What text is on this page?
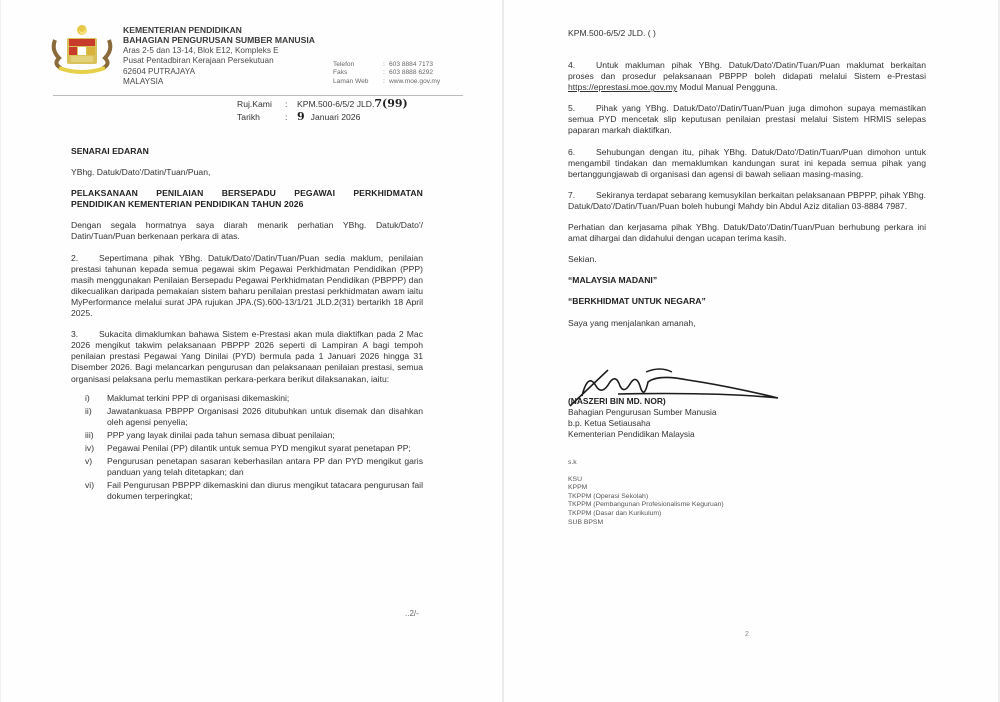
KEMENTERIAN PENDIDIKAN
BAHAGIAN PENGURUSAN SUMBER MANUSIA
Aras 2-5 dan 13-14, Blok E12, Kompleks E
Pusat Pentadbiran Kerajaan Persekutuan
62604 PUTRAJAYA
MALAYSIA
Telefon	: 603 8884 7173
Faks	: 603 8888 6292
Laman Web	: www.moe.gov.my
Ruj.Kami	:	KPM.500-6/5/2 JLD. 7(99)
Tarikh	: 9 Januari 2026

SENARAI EDARAN

YBhg. Datuk/Dato'/Datin/Tuan/Puan,

PELAKSANAAN PENILAIAN BERSEPADU PEGAWAI PERKHIDMATAN
PENDIDIKAN KEMENTERIAN PENDIDIKAN TAHUN 2026

Dengan segala hormatnya saya diarah menarik perhatian YBhg. Datuk/Dato'/ Datin/Tuan/Puan berkenaan perkara di atas.

2. Sepertimana pihak YBhg. Datuk/Dato'/Datin/Tuan/Puan sedia maklum, penilaian prestasi tahunan kepada semua pegawai skim Pegawai Perkhidmatan Pendidikan (PPP) masih menggunakan Penilaian Bersepadu Pegawai Perkhidmatan Pendidikan (PBPPP) dan dikecualikan daripada pemakaian sistem baharu penilaian prestasi perkhidmatan awam iaitu MyPerformance melalui surat JPA rujukan JPA.(S).600-13/1/21 JLD.2(31) bertarikh 18 April 2025.

3. Sukacita dimaklumkan bahawa Sistem e-Prestasi akan mula diaktifkan pada 2 Mac 2026 mengikut takwim pelaksanaan PBPPP 2026 seperti di Lampiran A bagi tempoh penilaian prestasi Pegawai Yang Dinilai (PYD) bermula pada 1 Januari 2026 hingga 31 Disember 2026. Bagi melancarkan pengurusan dan pelaksanaan penilaian prestasi, semua organisasi pelaksana perlu memastikan perkara-perkara berikut dilaksanakan, iaitu:

i)	Maklumat terkini PPP di organisasi dikemaskini;
ii)	Jawatankuasa PBPPP Organisasi 2026 ditubuhkan untuk disemak dan disahkan oleh agensi penyelia;
iii)	PPP yang layak dinilai pada tahun semasa dibuat penilaian;
iv)	Pegawai Penilai (PP) dilantik untuk semua PYD mengikut syarat penetapan PP;
v)	Pengurusan penetapan sasaran keberhasilan antara PP dan PYD mengikut garis panduan yang telah ditetapkan; dan
vi)	Fail Pengurusan PBPPP dikemaskini dan diurus mengikut tatacara pengurusan fail dokumen terperingkat;
..2/-
KPM.500-6/5/2 JLD. ( )

4. Untuk makluman pihak YBhg. Datuk/Dato'/Datin/Tuan/Puan maklumat berkaitan proses dan prosedur pelaksanaan PBPPP boleh didapati melalui Sistem e-Prestasi https://eprestasi.moe.gov.my Modul Manual Pengguna.

5. Pihak yang YBhg. Datuk/Dato'/Datin/Tuan/Puan juga dimohon supaya memastikan semua PYD mencetak slip keputusan penilaian prestasi melalui Sistem HRMIS selepas paparan markah diaktifkan.

6. Sehubungan dengan itu, pihak YBhg. Datuk/Dato'/Datin/Tuan/Puan dimohon untuk mengambil tindakan dan memaklumkan kandungan surat ini kepada semua pihak yang bertanggungjawab di organisasi dan agensi di bawah seliaan masing-masing.

7. Sekiranya terdapat sebarang kemusykilan berkaitan pelaksanaan PBPPP, pihak YBhg. Datuk/Dato'/Datin/Tuan/Puan boleh hubungi Mahdy bin Abdul Aziz ditalian 03-8884 7987.

Perhatian dan kerjasama pihak YBhg. Datuk/Dato'/Datin/Tuan/Puan berhubung perkara ini amat dihargai dan didahului dengan ucapan terima kasih.

Sekian.

“MALAYSIA MADANI”

“BERKHIDMAT UNTUK NEGARA”

Saya yang menjalankan amanah,

(NASZERI BIN MD. NOR)
Bahagian Pengurusan Sumber Manusia
b.p. Ketua Setiausaha
Kementerian Pendidikan Malaysia
s.k
KSU
KPPM
TKPPM (Operasi Sekolah)
TKPPM (Pembangunan Profesionalisme Keguruan)
TKPPM (Dasar dan Kurikulum)
SUB BPSM
2
